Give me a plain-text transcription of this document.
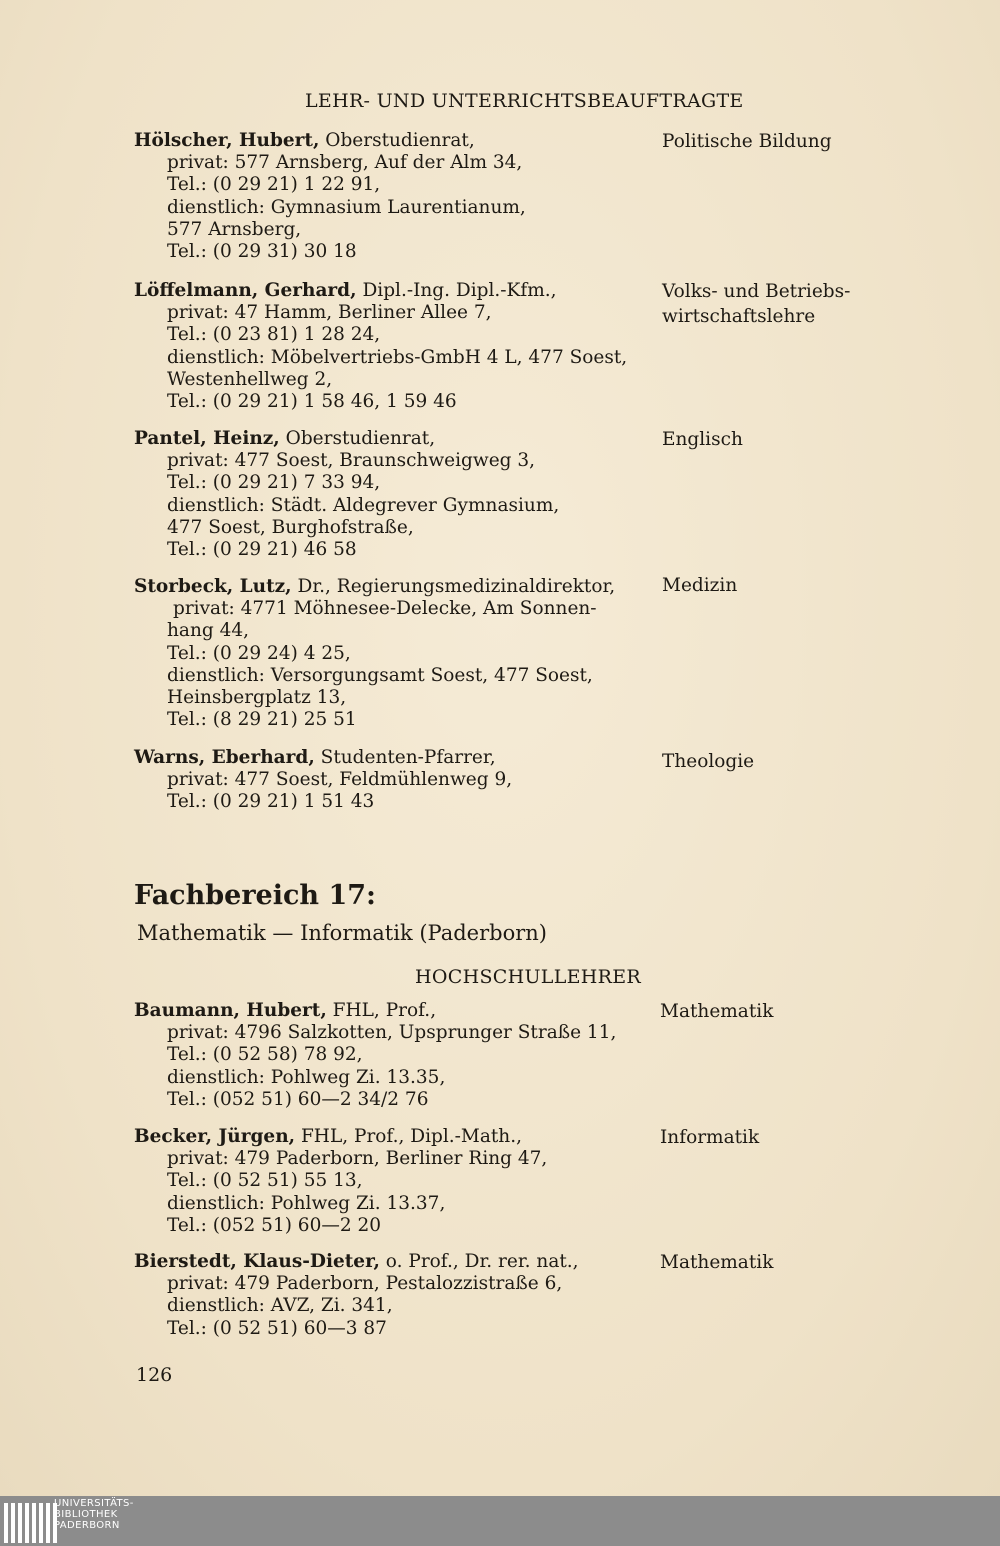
LEHR- UND UNTERRICHTSBEAUFTRAGTE
Hölscher, Hubert, Oberstudienrat,
privat: 577 Arnsberg, Auf der Alm 34,
Tel.: (0 29 21) 1 22 91,
dienstlich: Gymnasium Laurentianum,
577 Arnsberg,
Tel.: (0 29 31) 30 18
Politische Bildung
Löffelmann, Gerhard, Dipl.-Ing. Dipl.-Kfm.,
privat: 47 Hamm, Berliner Allee 7,
Tel.: (0 23 81) 1 28 24,
dienstlich: Möbelvertriebs-GmbH 4 L, 477 Soest,
Westenhellweg 2,
Tel.: (0 29 21) 1 58 46, 1 59 46
Volks- und Betriebs-
wirtschaftslehre
Pantel, Heinz, Oberstudienrat,
privat: 477 Soest, Braunschweigweg 3,
Tel.: (0 29 21) 7 33 94,
dienstlich: Städt. Aldegrever Gymnasium,
477 Soest, Burghofstraße,
Tel.: (0 29 21) 46 58
Englisch
Storbeck, Lutz, Dr., Regierungsmedizinaldirektor,
privat: 4771 Möhnesee-Delecke, Am Sonnen-
hang 44,
Tel.: (0 29 24) 4 25,
dienstlich: Versorgungsamt Soest, 477 Soest,
Heinsbergplatz 13,
Tel.: (8 29 21) 25 51
Medizin
Warns, Eberhard, Studenten-Pfarrer,
privat: 477 Soest, Feldmühlenweg 9,
Tel.: (0 29 21) 1 51 43
Theologie
Fachbereich 17:
Mathematik — Informatik (Paderborn)
HOCHSCHULLEHRER
Baumann, Hubert, FHL, Prof.,
privat: 4796 Salzkotten, Upsprunger Straße 11,
Tel.: (0 52 58) 78 92,
dienstlich: Pohlweg Zi. 13.35,
Tel.: (052 51) 60—2 34/2 76
Mathematik
Becker, Jürgen, FHL, Prof., Dipl.-Math.,
privat: 479 Paderborn, Berliner Ring 47,
Tel.: (0 52 51) 55 13,
dienstlich: Pohlweg Zi. 13.37,
Tel.: (052 51) 60—2 20
Informatik
Bierstedt, Klaus-Dieter, o. Prof., Dr. rer. nat.,
privat: 479 Paderborn, Pestalozzistraße 6,
dienstlich: AVZ, Zi. 341,
Tel.: (0 52 51) 60—3 87
Mathematik
126
UNIVERSITÄTS-
BIBLIOTHEK
PADERBORN
